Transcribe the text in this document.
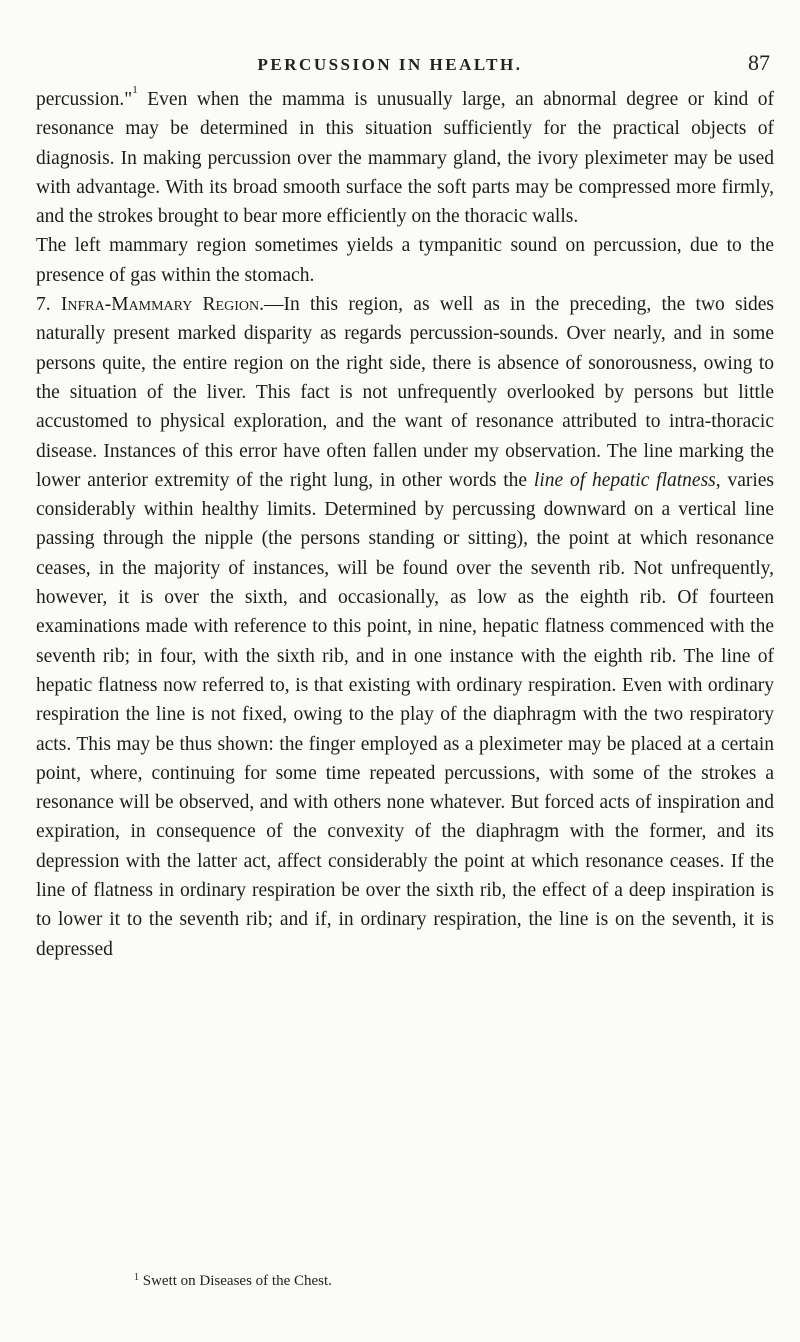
PERCUSSION IN HEALTH.	87

percussion."$^1$ Even when the mamma is unusually large, an abnormal degree or kind of resonance may be determined in this situation sufficiently for the practical objects of diagnosis. In making percussion over the mammary gland, the ivory pleximeter may be used with advantage. With its broad smooth surface the soft parts may be compressed more firmly, and the strokes brought to bear more efficiently on the thoracic walls.

The left mammary region sometimes yields a tympanitic sound on percussion, due to the presence of gas within the stomach.

7. Infra-Mammary Region.—In this region, as well as in the preceding, the two sides naturally present marked disparity as regards percussion-sounds. Over nearly, and in some persons quite, the entire region on the right side, there is absence of sonorousness, owing to the situation of the liver. This fact is not unfrequently overlooked by persons but little accustomed to physical exploration, and the want of resonance attributed to intra-thoracic disease. Instances of this error have often fallen under my observation. The line marking the lower anterior extremity of the right lung, in other words the line of hepatic flatness, varies considerably within healthy limits. Determined by percussing downward on a vertical line passing through the nipple (the persons standing or sitting), the point at which resonance ceases, in the majority of instances, will be found over the seventh rib. Not unfrequently, however, it is over the sixth, and occasionally, as low as the eighth rib. Of fourteen examinations made with reference to this point, in nine, hepatic flatness commenced with the seventh rib; in four, with the sixth rib, and in one instance with the eighth rib. The line of hepatic flatness now referred to, is that existing with ordinary respiration. Even with ordinary respiration the line is not fixed, owing to the play of the diaphragm with the two respiratory acts. This may be thus shown: the finger employed as a pleximeter may be placed at a certain point, where, continuing for some time repeated percussions, with some of the strokes a resonance will be observed, and with others none whatever. But forced acts of inspiration and expiration, in consequence of the convexity of the diaphragm with the former, and its depression with the latter act, affect considerably the point at which resonance ceases. If the line of flatness in ordinary respiration be over the sixth rib, the effect of a deep inspiration is to lower it to the seventh rib; and if, in ordinary respiration, the line is on the seventh, it is depressed

$^1$ Swett on Diseases of the Chest.
